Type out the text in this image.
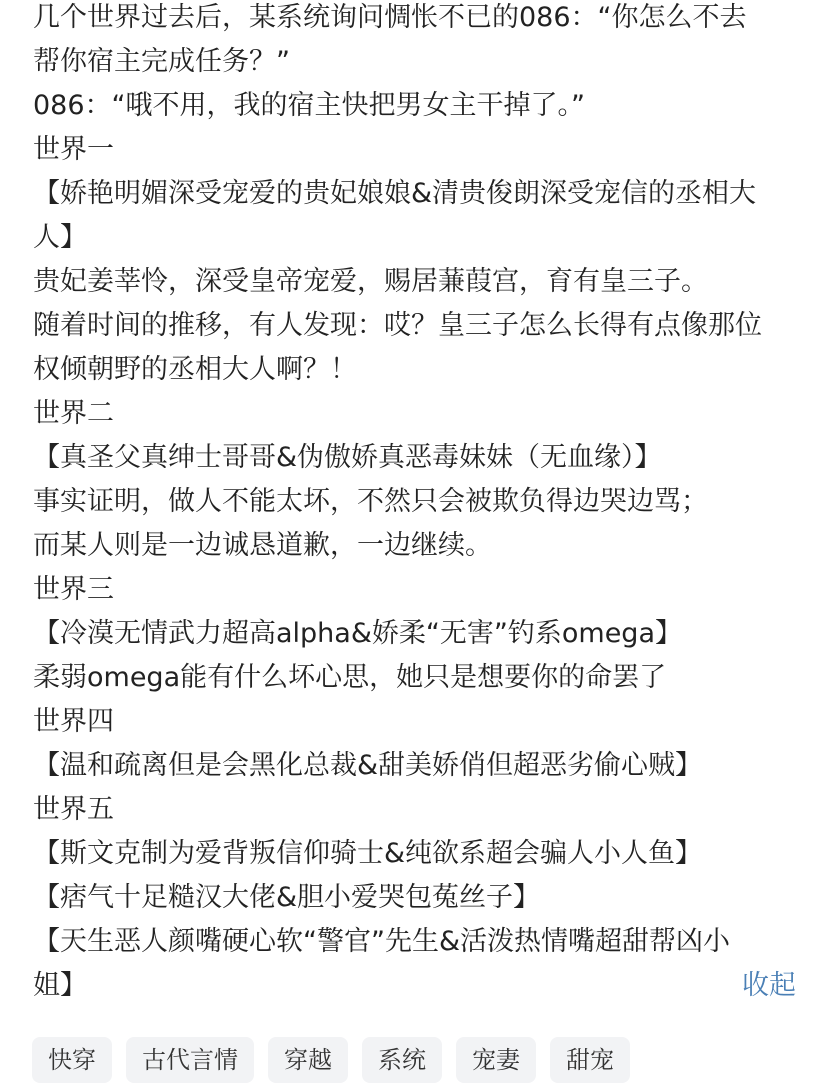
几个世界过去后，某系统询问惆怅不已的086：“你怎么不去
帮你宿主完成任务？”
086：“哦不用，我的宿主快把男女主干掉了。”
世界一
【娇艳明媚深受宠爱的贵妃娘娘&清贵俊朗深受宠信的丞相大
人】
贵妃姜莘怜，深受皇帝宠爱，赐居蒹葭宫，育有皇三子。
随着时间的推移，有人发现：哎？皇三子怎么长得有点像那位
权倾朝野的丞相大人啊？！
世界二
【真圣父真绅士哥哥&伪傲娇真恶毒妹妹（无血缘）】
事实证明，做人不能太坏，不然只会被欺负得边哭边骂；
而某人则是一边诚恳道歉，一边继续。
世界三
【冷漠无情武力超高alpha&娇柔“无害”钓系omega】
柔弱omega能有什么坏心思，她只是想要你的命罢了
世界四
【温和疏离但是会黑化总裁&甜美娇俏但超恶劣偷心贼】
世界五
【斯文克制为爱背叛信仰骑士&纯欲系超会骗人小人鱼】
【痞气十足糙汉大佬&胆小爱哭包菟丝子】
【天生恶人颜嘴硬心软“警官”先生&活泼热情嘴超甜帮凶小
姐】	收起
快穿	古代言情	穿越	系统	宠妻	甜宠
